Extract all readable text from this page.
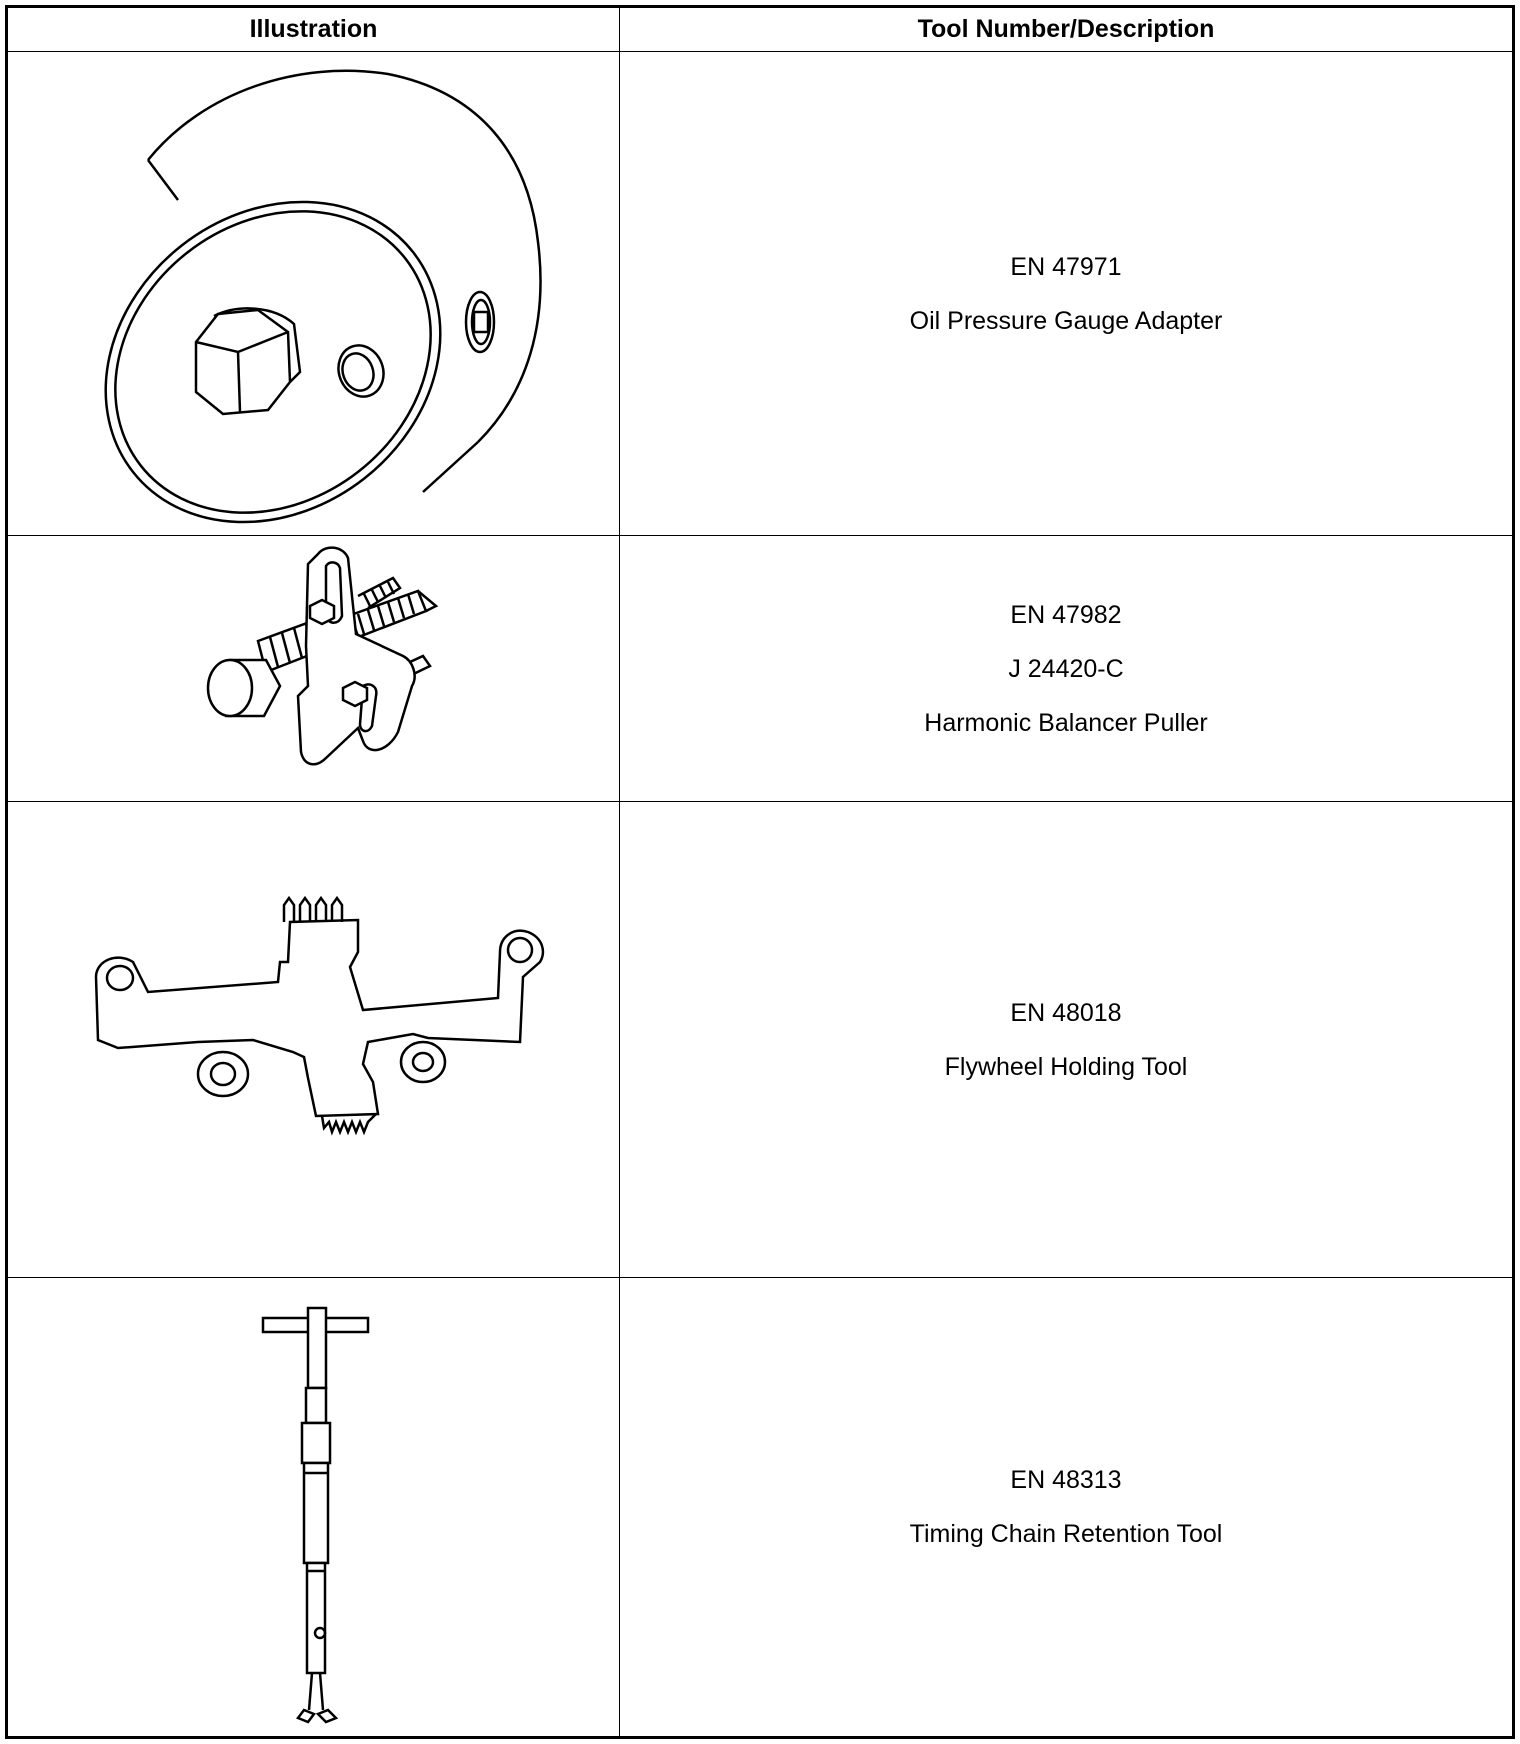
Illustration	Tool Number/Description
EN 47971
Oil Pressure Gauge Adapter
EN 47982
J 24420-C
Harmonic Balancer Puller
EN 48018
Flywheel Holding Tool
EN 48313
Timing Chain Retention Tool
